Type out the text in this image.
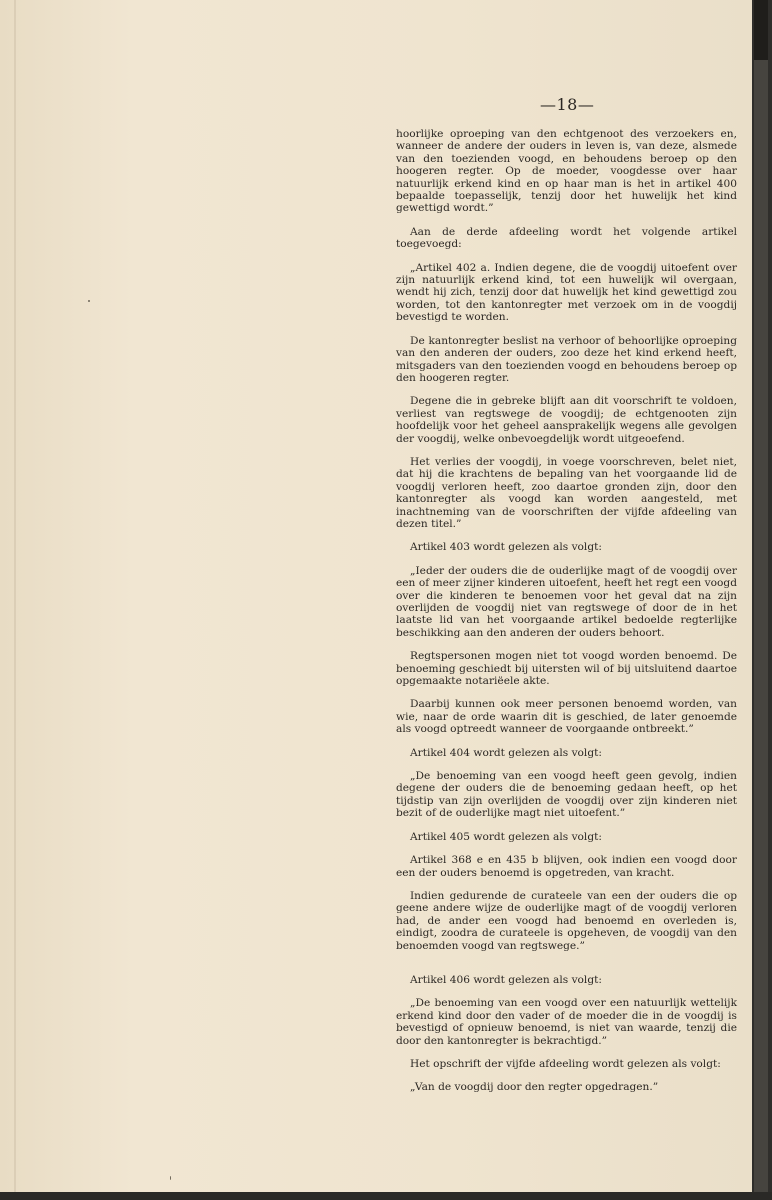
—18—

hoorlijke oproeping van den echtgenoot des verzoekers en, wanneer de andere der ouders in leven is, van deze, alsmede van den toezienden voogd, en behoudens beroep op den hoogeren regter. Op de moeder, voogdesse over haar natuurlijk erkend kind en op haar man is het in artikel 400 bepaalde toepasselijk, tenzij door het huwelijk het kind gewettigd wordt.”

Aan de derde afdeeling wordt het volgende artikel toegevoegd:

„Artikel 402 a. Indien degene, die de voogdij uitoefent over zijn natuurlijk erkend kind, tot een huwelijk wil overgaan, wendt hij zich, tenzij door dat huwelijk het kind gewettigd zou worden, tot den kantonregter met verzoek om in de voogdij bevestigd te worden.

De kantonregter beslist na verhoor of behoorlijke oproeping van den anderen der ouders, zoo deze het kind erkend heeft, mitsgaders van den toezienden voogd en behoudens beroep op den hoogeren regter.

Degene die in gebreke blijft aan dit voorschrift te voldoen, verliest van regtswege de voogdij; de echtgenooten zijn hoofdelijk voor het geheel aansprakelijk wegens alle gevolgen der voogdij, welke onbevoegdelijk wordt uitgeoefend.

Het verlies der voogdij, in voege voorschreven, belet niet, dat hij die krachtens de bepaling van het voorgaande lid de voogdij verloren heeft, zoo daartoe gronden zijn, door den kantonregter als voogd kan worden aangesteld, met inachtneming van de voorschriften der vijfde afdeeling van dezen titel.”

Artikel 403 wordt gelezen als volgt:

„Ieder der ouders die de ouderlijke magt of de voogdij over een of meer zijner kinderen uitoefent, heeft het regt een voogd over die kinderen te benoemen voor het geval dat na zijn overlijden de voogdij niet van regtswege of door de in het laatste lid van het voorgaande artikel bedoelde regterlijke beschikking aan den anderen der ouders behoort.

Regtspersonen mogen niet tot voogd worden benoemd. De benoeming geschiedt bij uitersten wil of bij uitsluitend daartoe opgemaakte notariëele akte.

Daarbij kunnen ook meer personen benoemd worden, van wie, naar de orde waarin dit is geschied, de later genoemde als voogd optreedt wanneer de voorgaande ontbreekt.”

Artikel 404 wordt gelezen als volgt:

„De benoeming van een voogd heeft geen gevolg, indien degene der ouders die de benoeming gedaan heeft, op het tijdstip van zijn overlijden de voogdij over zijn kinderen niet bezit of de ouderlijke magt niet uitoefent.”

Artikel 405 wordt gelezen als volgt:

Artikel 368 e en 435 b blijven, ook indien een voogd door een der ouders benoemd is opgetreden, van kracht.

Indien gedurende de curateele van een der ouders die op geene andere wijze de ouderlijke magt of de voogdij verloren had, de ander een voogd had benoemd en overleden is, eindigt, zoodra de curateele is opgeheven, de voogdij van den benoemden voogd van regtswege.”

Artikel 406 wordt gelezen als volgt:

„De benoeming van een voogd over een natuurlijk wettelijk erkend kind door den vader of de moeder die in de voogdij is bevestigd of opnieuw benoemd, is niet van waarde, tenzij die door den kantonregter is bekrachtigd.”

Het opschrift der vijfde afdeeling wordt gelezen als volgt:

„Van de voogdij door den regter opgedragen.”
